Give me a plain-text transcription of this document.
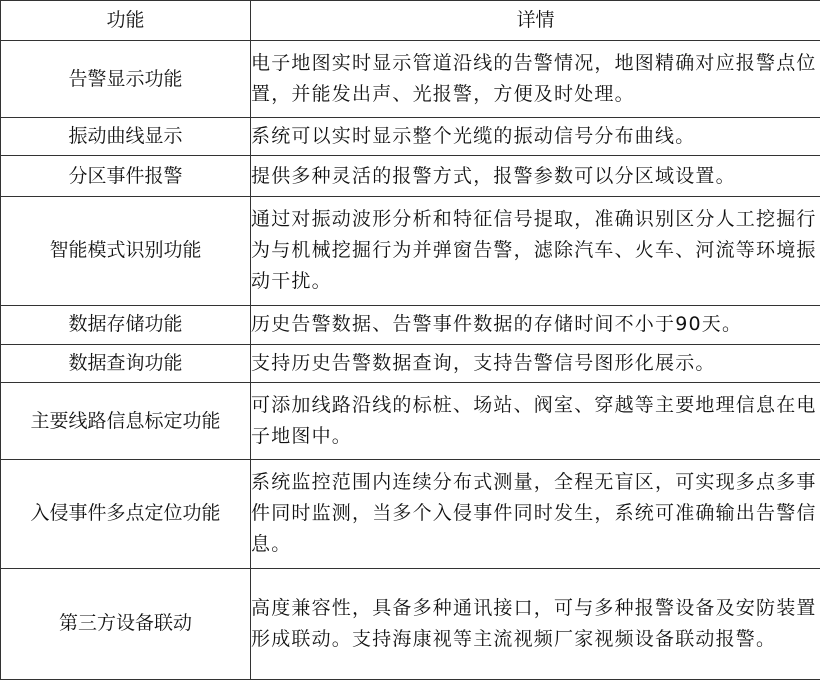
功能	详情
告警显示功能	电子地图实时显示管道沿线的告警情况，地图精确对应报警点位置，并能发出声、光报警，方便及时处理。
振动曲线显示	系统可以实时显示整个光缆的振动信号分布曲线。
分区事件报警	提供多种灵活的报警方式，报警参数可以分区域设置。
智能模式识别功能	通过对振动波形分析和特征信号提取，准确识别区分人工挖掘行为与机械挖掘行为并弹窗告警，滤除汽车、火车、河流等环境振动干扰。
数据存储功能	历史告警数据、告警事件数据的存储时间不小于90天。
数据查询功能	支持历史告警数据查询，支持告警信号图形化展示。
主要线路信息标定功能	可添加线路沿线的标桩、场站、阀室、穿越等主要地理信息在电子地图中。
入侵事件多点定位功能	系统监控范围内连续分布式测量，全程无盲区，可实现多点多事件同时监测，当多个入侵事件同时发生，系统可准确输出告警信息。
第三方设备联动	高度兼容性，具备多种通讯接口，可与多种报警设备及安防装置形成联动。支持海康视等主流视频厂家视频设备联动报警。
